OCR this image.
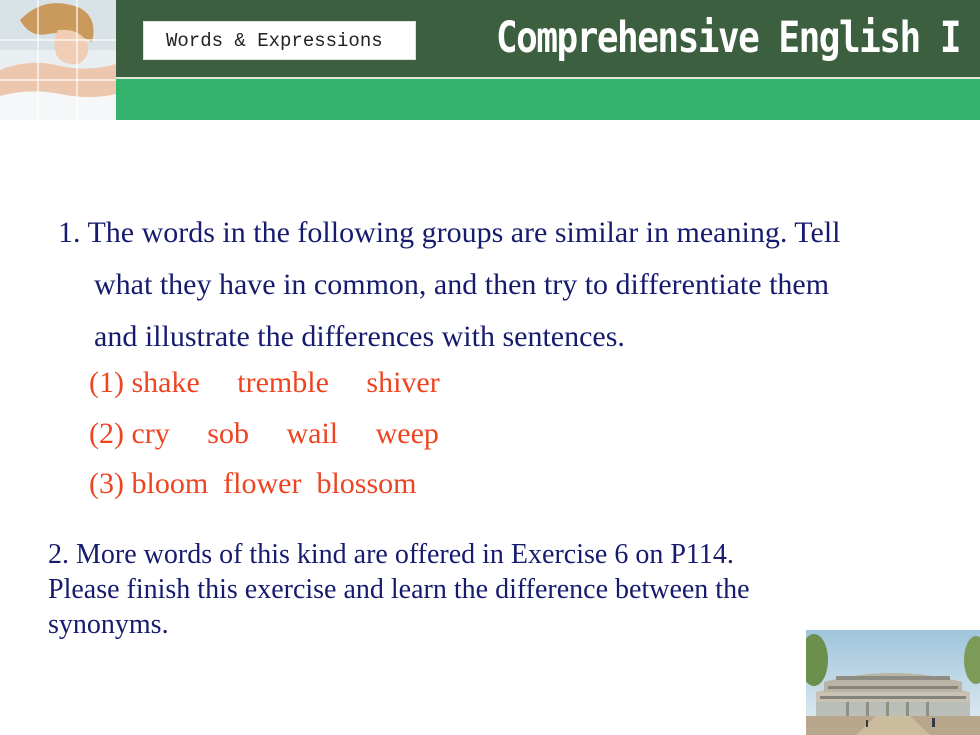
Words & Expressions	Comprehensive English I
1. The words in the following groups are similar in meaning. Tell
what they have in common, and then try to differentiate them
and illustrate the differences with sentences.
(1) shake     tremble     shiver
(2) cry     sob     wail     weep
(3) bloom  flower  blossom
2. More words of this kind are offered in Exercise 6 on P114.
Please finish this exercise and learn the difference between the
synonyms.
